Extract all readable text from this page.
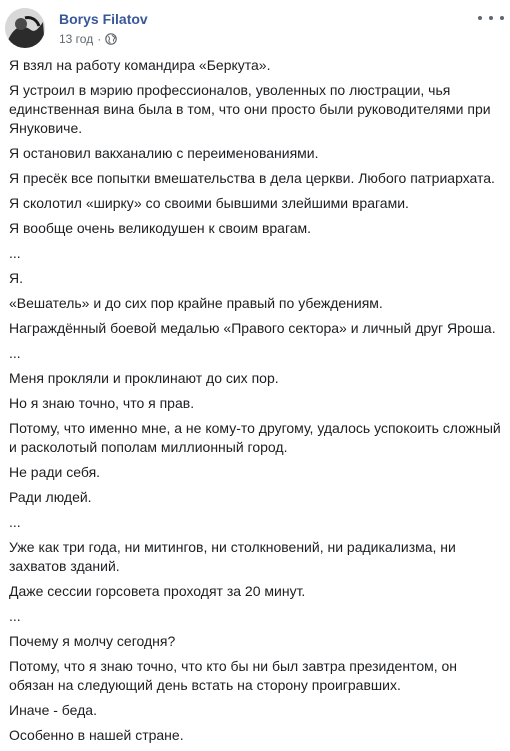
Borys Filatov
13 год ·

Я взял на работу командира «Беркута».

Я устроил в мэрию профессионалов, уволенных по люстрации, чья единственная вина была в том, что они просто были руководителями при Януковиче.

Я остановил вакханалию с переименованиями.

Я пресёк все попытки вмешательства в дела церкви. Любого патриархата.

Я сколотил «ширку» со своими бывшими злейшими врагами.

Я вообще очень великодушен к своим врагам.

...

Я.

«Вешатель» и до сих пор крайне правый по убеждениям.

Награждённый боевой медалью «Правого сектора» и личный друг Яроша.

...

Меня прокляли и проклинают до сих пор.

Но я знаю точно, что я прав.

Потому, что именно мне, а не кому-то другому, удалось успокоить сложный и расколотый пополам миллионный город.

Не ради себя.

Ради людей.

...

Уже как три года, ни митингов, ни столкновений, ни радикализма, ни захватов зданий.

Даже сессии горсовета проходят за 20 минут.

...

Почему я молчу сегодня?

Потому, что я знаю точно, что кто бы ни был завтра президентом, он обязан на следующий день встать на сторону проигравших.

Иначе - беда.

Особенно в нашей стране.
